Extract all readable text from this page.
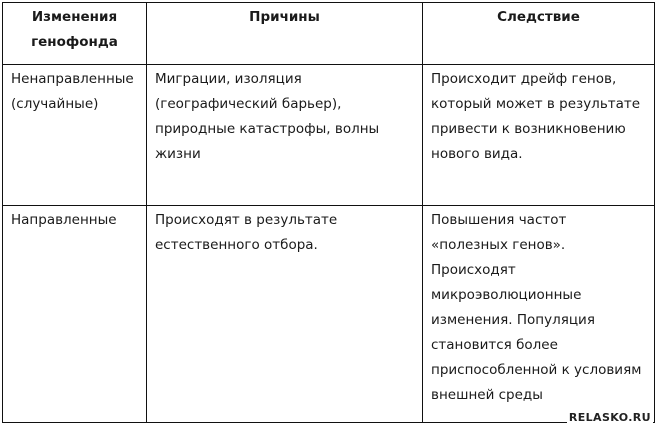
Изменения генофонда	Причины	Следствие
Ненаправленные (случайные)	Миграции, изоляция (географический барьер), природные катастрофы, волны жизни	Происходит дрейф генов, который может в результате привести к возникновению нового вида.
Направленные	Происходят в результате естественного отбора.	Повышения частот «полезных генов». Происходят микроэволюционные изменения. Популяция становится более приспособленной к условиям внешней среды
RELASKO.RU
